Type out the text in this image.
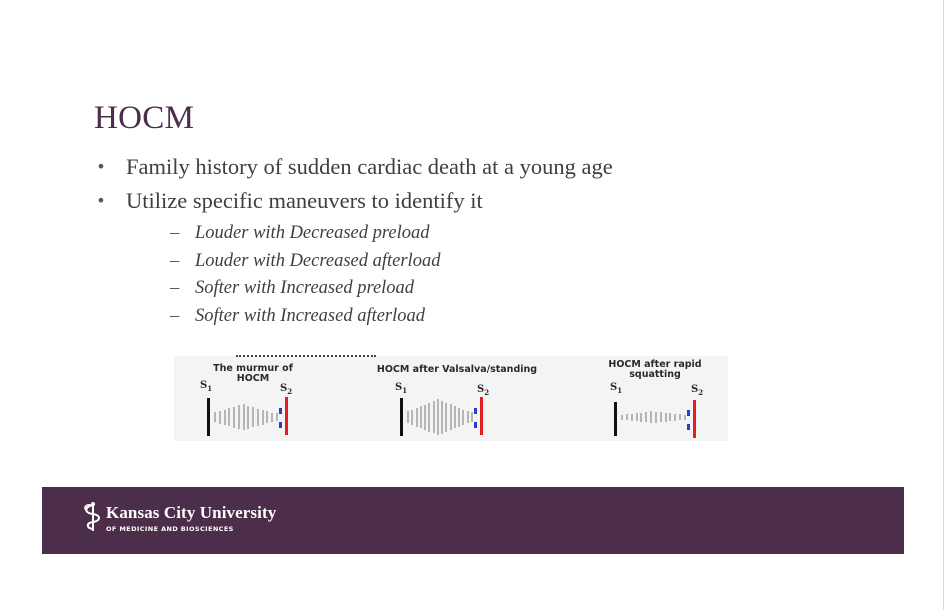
HOCM
• Family history of sudden cardiac death at a young age
• Utilize specific maneuvers to identify it
– Louder with Decreased preload
– Louder with Decreased afterload
– Softer with Increased preload
– Softer with Increased afterload
The murmur of
HOCM
$S_1$	$S_2$
HOCM after Valsalva/standing
$S_1$	$S_2$
HOCM after rapid
squatting
$S_1$	$S_2$
Kansas City University
OF MEDICINE AND BIOSCIENCES
